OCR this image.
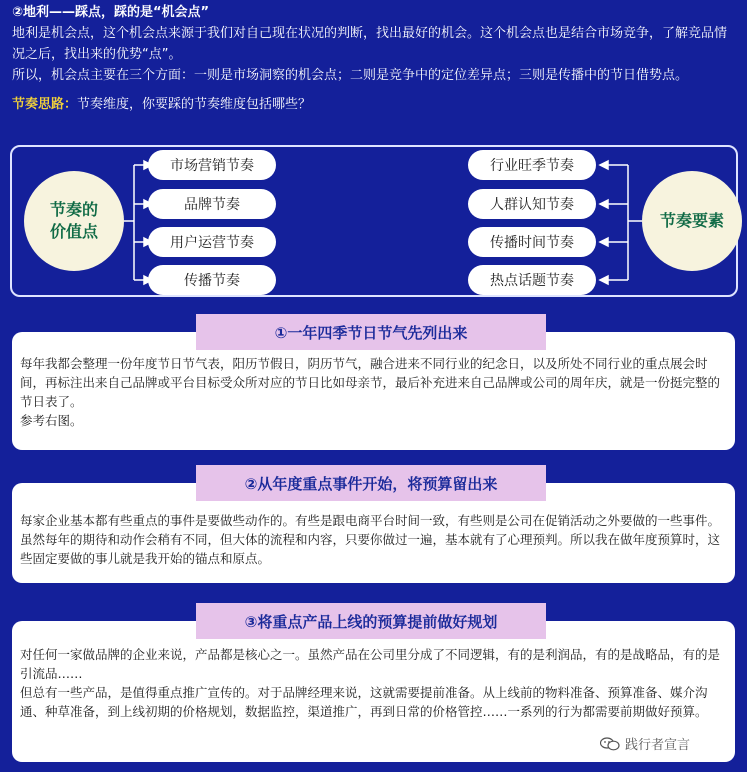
②地利——踩点，踩的是“机会点”
地利是机会点，这个机会点来源于我们对自己现在状况的判断，找出最好的机会。这个机会点也是结合市场竞争，了解竞品情况之后，找出来的优势“点”。
所以，机会点主要在三个方面：一则是市场洞察的机会点；二则是竞争中的定位差异点；三则是传播中的节日借势点。
节奏思路：节奏维度，你要踩的节奏维度包括哪些？
节奏的
价值点
节奏要素
市场营销节奏
品牌节奏
用户运营节奏
传播节奏
行业旺季节奏
人群认知节奏
传播时间节奏
热点话题节奏

每年我都会整理一份年度节日节气表，阳历节假日，阴历节气，融合进来不同行业的纪念日，以及所处不同行业的重点展会时间，再标注出来自己品牌或平台目标受众所对应的节日比如母亲节，最后补充进来自己品牌或公司的周年庆，就是一份挺完整的节日表了。

参考右图。

①一年四季节日节气先列出来

每家企业基本都有些重点的事件是要做些动作的。有些是跟电商平台时间一致，有些则是公司在促销活动之外要做的一些事件。虽然每年的期待和动作会稍有不同，但大体的流程和内容，只要你做过一遍，基本就有了心理预判。所以我在做年度预算时，这些固定要做的事儿就是我开始的锚点和原点。

②从年度重点事件开始，将预算留出来

对任何一家做品牌的企业来说，产品都是核心之一。虽然产品在公司里分成了不同逻辑，有的是利润品，有的是战略品，有的是引流品……

但总有一些产品，是值得重点推广宣传的。对于品牌经理来说，这就需要提前准备。从上线前的物料准备、预算准备、媒介沟通、种草准备，到上线初期的价格规划，数据监控，渠道推广，再到日常的价格管控……一系列的行为都需要前期做好预算。

③将重点产品上线的预算提前做好规划
践行者宣言
